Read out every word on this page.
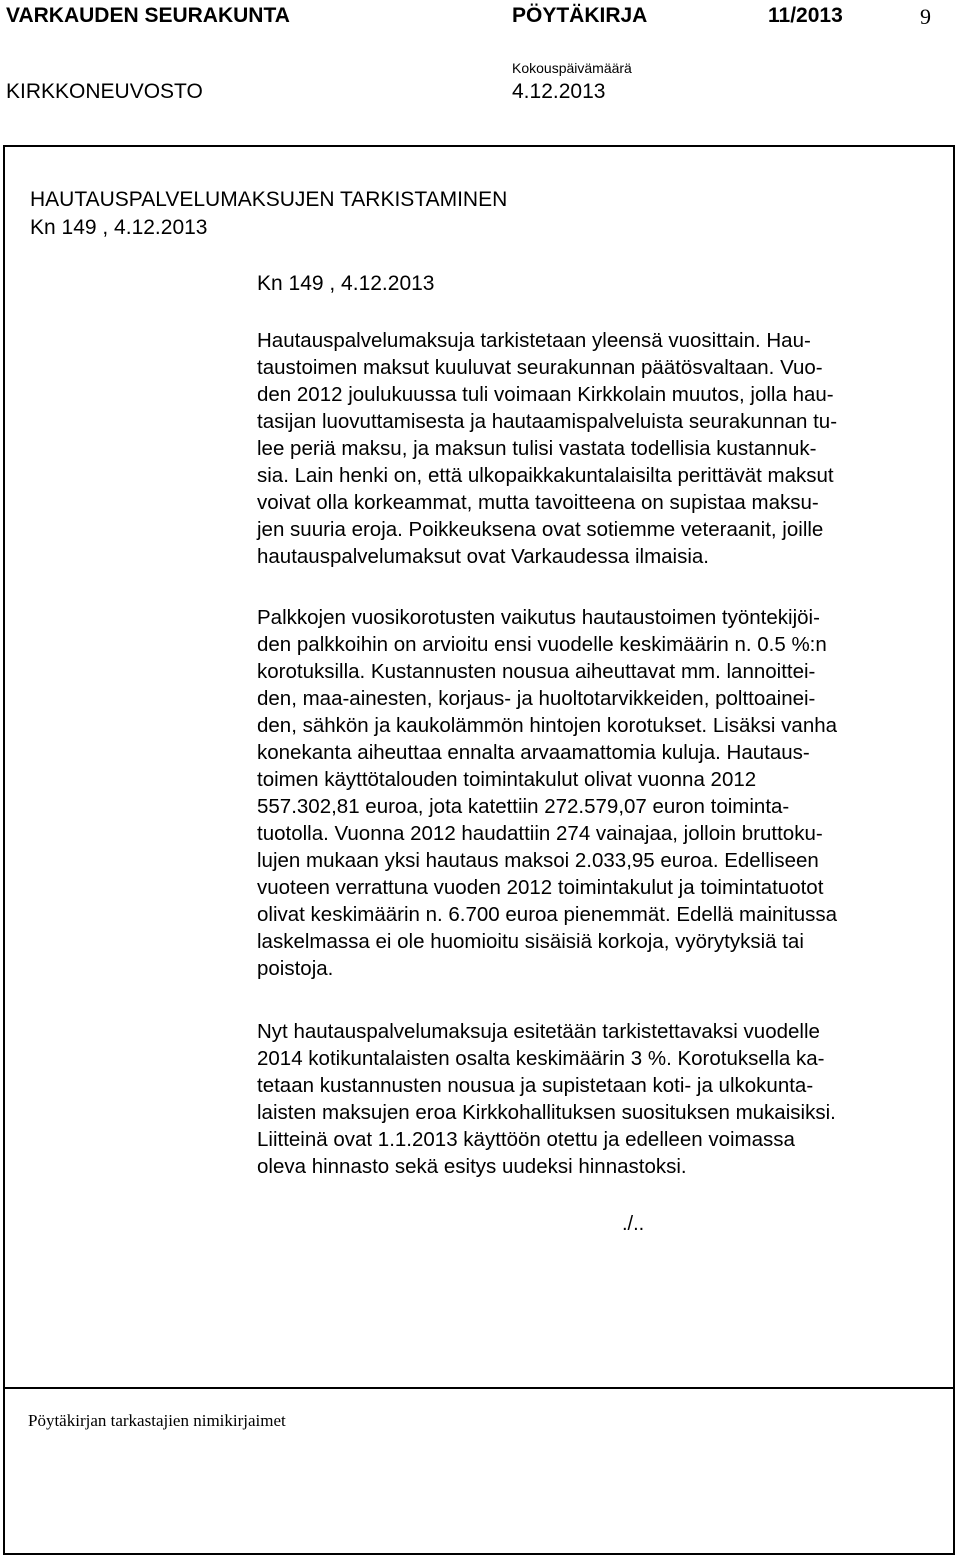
VARKAUDEN SEURAKUNTA	PÖYTÄKIRJA	11/2013	9
Kokouspäivämäärä
KIRKKONEUVOSTO	4.12.2013
HAUTAUSPALVELUMAKSUJEN TARKISTAMINEN
Kn 149 , 4.12.2013
Kn 149 , 4.12.2013

Hautauspalvelumaksuja tarkistetaan yleensä vuosittain. Hau-
taustoimen maksut kuuluvat seurakunnan päätösvaltaan. Vuo-
den 2012 joulukuussa tuli voimaan Kirkkolain muutos, jolla hau-
tasijan luovuttamisesta ja hautaamispalveluista seurakunnan tu-
lee periä maksu, ja maksun tulisi vastata todellisia kustannuk-
sia. Lain henki on, että ulkopaikkakuntalaisilta perittävät maksut
voivat olla korkeammat, mutta tavoitteena on supistaa maksu-
jen suuria eroja. Poikkeuksena ovat sotiemme veteraanit, joille
hautauspalvelumaksut ovat Varkaudessa ilmaisia.

Palkkojen vuosikorotusten vaikutus hautaustoimen työntekijöi-
den palkkoihin on arvioitu ensi vuodelle keskimäärin n. 0.5 %:n
korotuksilla. Kustannusten nousua aiheuttavat mm. lannoittei-
den, maa-ainesten, korjaus- ja huoltotarvikkeiden, polttoainei-
den, sähkön ja kaukolämmön hintojen korotukset. Lisäksi vanha
konekanta aiheuttaa ennalta arvaamattomia kuluja. Hautaus-
toimen käyttötalouden toimintakulut olivat vuonna 2012
557.302,81 euroa, jota katettiin 272.579,07 euron toiminta-
tuotolla. Vuonna 2012 haudattiin 274 vainajaa, jolloin bruttoku-
lujen mukaan yksi hautaus maksoi 2.033,95 euroa. Edelliseen
vuoteen verrattuna vuoden 2012 toimintakulut ja toimintatuotot
olivat keskimäärin n. 6.700 euroa pienemmät. Edellä mainitussa
laskelmassa ei ole huomioitu sisäisiä korkoja, vyörytyksiä tai
poistoja.

Nyt hautauspalvelumaksuja esitetään tarkistettavaksi vuodelle
2014 kotikuntalaisten osalta keskimäärin 3 %. Korotuksella ka-
tetaan kustannusten nousua ja supistetaan koti- ja ulkokunta-
laisten maksujen eroa Kirkkohallituksen suosituksen mukaisiksi.
Liitteinä ovat 1.1.2013 käyttöön otettu ja edelleen voimassa
oleva hinnasto sekä esitys uudeksi hinnastoksi.

./..
Pöytäkirjan tarkastajien nimikirjaimet
